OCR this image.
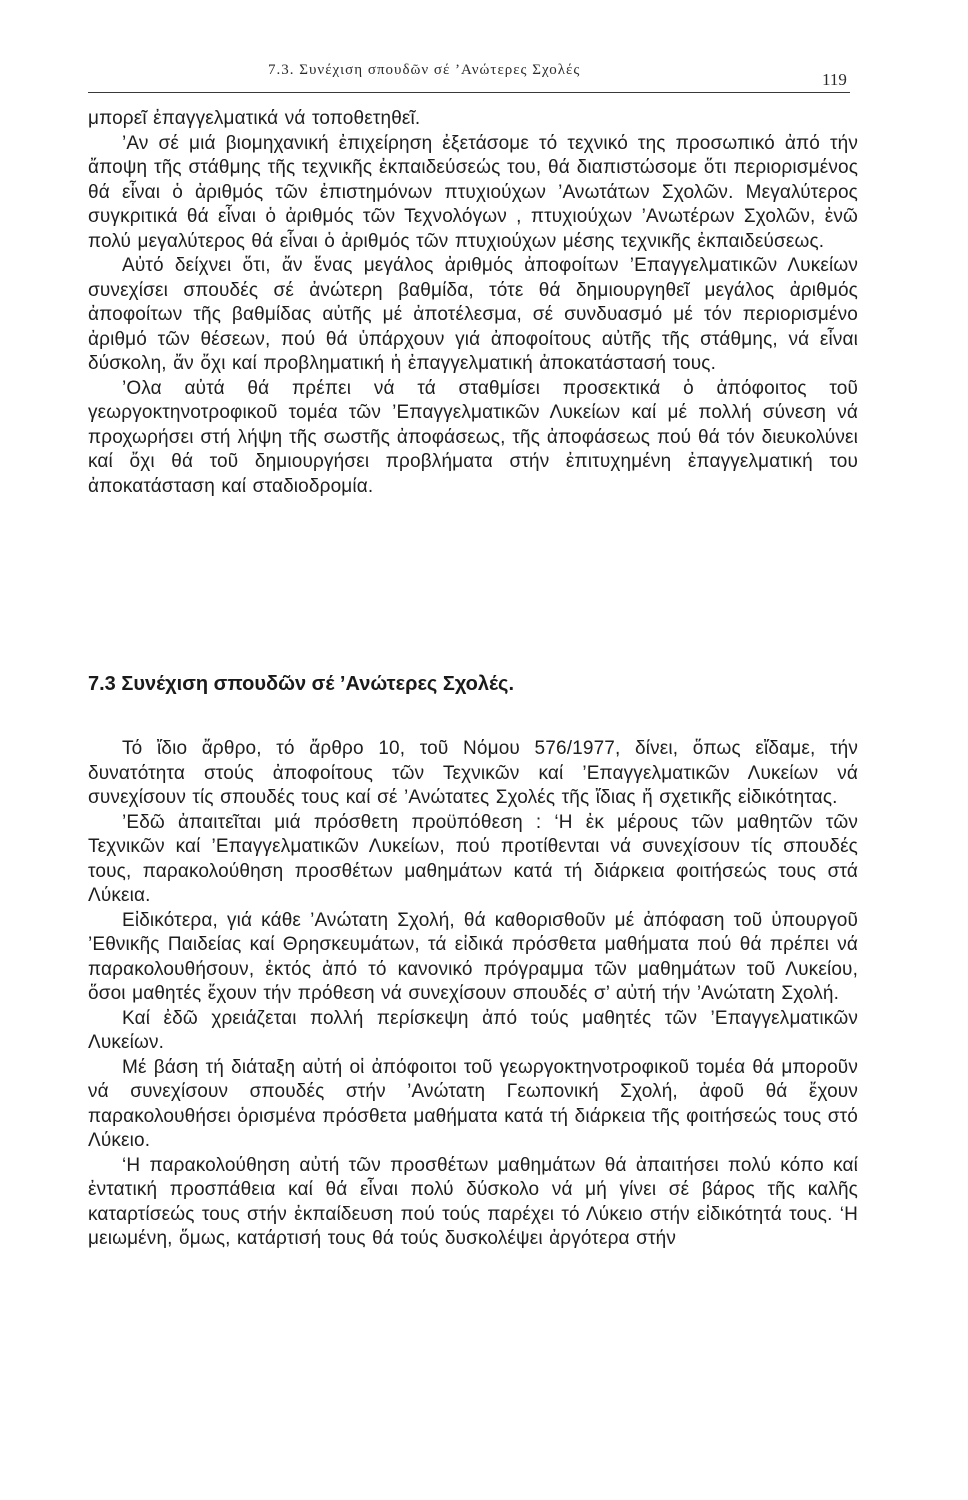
7.3. Συνέχιση σπουδῶν σέ ’Ανώτερες Σχολές	119

μπορεῖ ἐπαγγελματικά νά τοποθετηθεῖ.

’Αν σέ μιά βιομηχανική ἐπιχείρηση ἐξετάσομε τό τεχνικό της προσωπικό ἀπό τήν ἄποψη τῆς στάθμης τῆς τεχνικῆς ἐκπαιδεύσεώς του, θά διαπιστώσομε ὅτι περιορισμένος θά εἶναι ὁ ἀριθμός τῶν ἐπιστημόνων πτυχιούχων ’Ανωτάτων Σχολῶν. Μεγαλύτερος συγκριτικά θά εἶναι ὁ ἀριθμός τῶν Τεχνολόγων , πτυχιούχων ’Ανωτέρων Σχολῶν, ἐνῶ πολύ μεγαλύτερος θά εἶναι ὁ ἀριθμός τῶν πτυχιούχων μέσης τεχνικῆς ἐκπαιδεύσεως.

Αὐτό δείχνει ὅτι, ἄν ἕνας μεγάλος ἀριθμός ἀποφοίτων ’Επαγγελματικῶν Λυκείων συνεχίσει σπουδές σέ ἀνώτερη βαθμίδα, τότε θά δημιουργηθεῖ μεγάλος ἀριθμός ἀποφοίτων τῆς βαθμίδας αὐτῆς μέ ἀποτέλεσμα, σέ συνδυασμό μέ τόν περιορισμένο ἀριθμό τῶν θέσεων, πού θά ὑπάρχουν γιά ἀποφοίτους αὐτῆς τῆς στάθμης, νά εἶναι δύσκολη, ἄν ὄχι καί προβληματική ἡ ἐπαγγελματική ἀποκατάστασή τους.

’Ολα αὐτά θά πρέπει νά τά σταθμίσει προσεκτικά ὁ ἀπόφοιτος τοῦ γεωργοκτηνοτροφικοῦ τομέα τῶν ’Επαγγελματικῶν Λυκείων καί μέ πολλή σύνεση νά προχωρήσει στή λήψη τῆς σωστῆς ἀποφάσεως, τῆς ἀποφάσεως πού θά τόν διευκολύνει καί ὄχι θά τοῦ δημιουργήσει προβλήματα στήν ἐπιτυχημένη ἐπαγγελματική του ἀποκατάσταση καί σταδιοδρομία.

7.3 Συνέχιση σπουδῶν σέ ’Ανώτερες Σχολές.

Τό ἴδιο ἄρθρο, τό ἄρθρο 10, τοῦ Νόμου 576/1977, δίνει, ὅπως εἴδαμε, τήν δυνατότητα στούς ἀποφοίτους τῶν Τεχνικῶν καί ’Επαγγελματικῶν Λυκείων νά συνεχίσουν τίς σπουδές τους καί σέ ’Ανώτατες Σχολές τῆς ἴδιας ἤ σχετικῆς εἰδικότητας.

’Εδῶ ἀπαιτεῖται μιά πρόσθετη προϋπόθεση : ‘Η ἐκ μέρους τῶν μαθητῶν τῶν Τεχνικῶν καί ’Επαγγελματικῶν Λυκείων, πού προτίθενται νά συνεχίσουν τίς σπουδές τους, παρακολούθηση προσθέτων μαθημάτων κατά τή διάρκεια φοιτήσεώς τους στά Λύκεια.

Εἰδικότερα, γιά κάθε ’Ανώτατη Σχολή, θά καθορισθοῦν μέ ἀπόφαση τοῦ ὑπουργοῦ ’Εθνικῆς Παιδείας καί Θρησκευμάτων, τά εἰδικά πρόσθετα μαθήματα πού θά πρέπει νά παρακολουθήσουν, ἐκτός ἀπό τό κανονικό πρόγραμμα τῶν μαθημάτων τοῦ Λυκείου, ὅσοι μαθητές ἔχουν τήν πρόθεση νά συνεχίσουν σπουδές σ’ αὐτή τήν ’Ανώτατη Σχολή.

Καί ἐδῶ χρειάζεται πολλή περίσκεψη ἀπό τούς μαθητές τῶν ’Επαγγελματικῶν Λυκείων.

Μέ βάση τή διάταξη αὐτή οἱ ἀπόφοιτοι τοῦ γεωργοκτηνοτροφικοῦ τομέα θά μποροῦν νά συνεχίσουν σπουδές στήν ’Ανώτατη Γεωπονική Σχολή, ἀφοῦ θά ἔχουν παρακολουθήσει ὁρισμένα πρόσθετα μαθήματα κατά τή διάρκεια τῆς φοιτήσεώς τους στό Λύκειο.

‘Η παρακολούθηση αὐτή τῶν προσθέτων μαθημάτων θά ἀπαιτήσει πολύ κόπο καί ἐντατική προσπάθεια καί θά εἶναι πολύ δύσκολο νά μή γίνει σέ βάρος τῆς καλῆς καταρτίσεώς τους στήν ἐκπαίδευση πού τούς παρέχει τό Λύκειο στήν εἰδικότητά τους. ‘Η μειωμένη, ὅμως, κατάρτισή τους θά τούς δυσκολέψει ἀργότερα στήν
